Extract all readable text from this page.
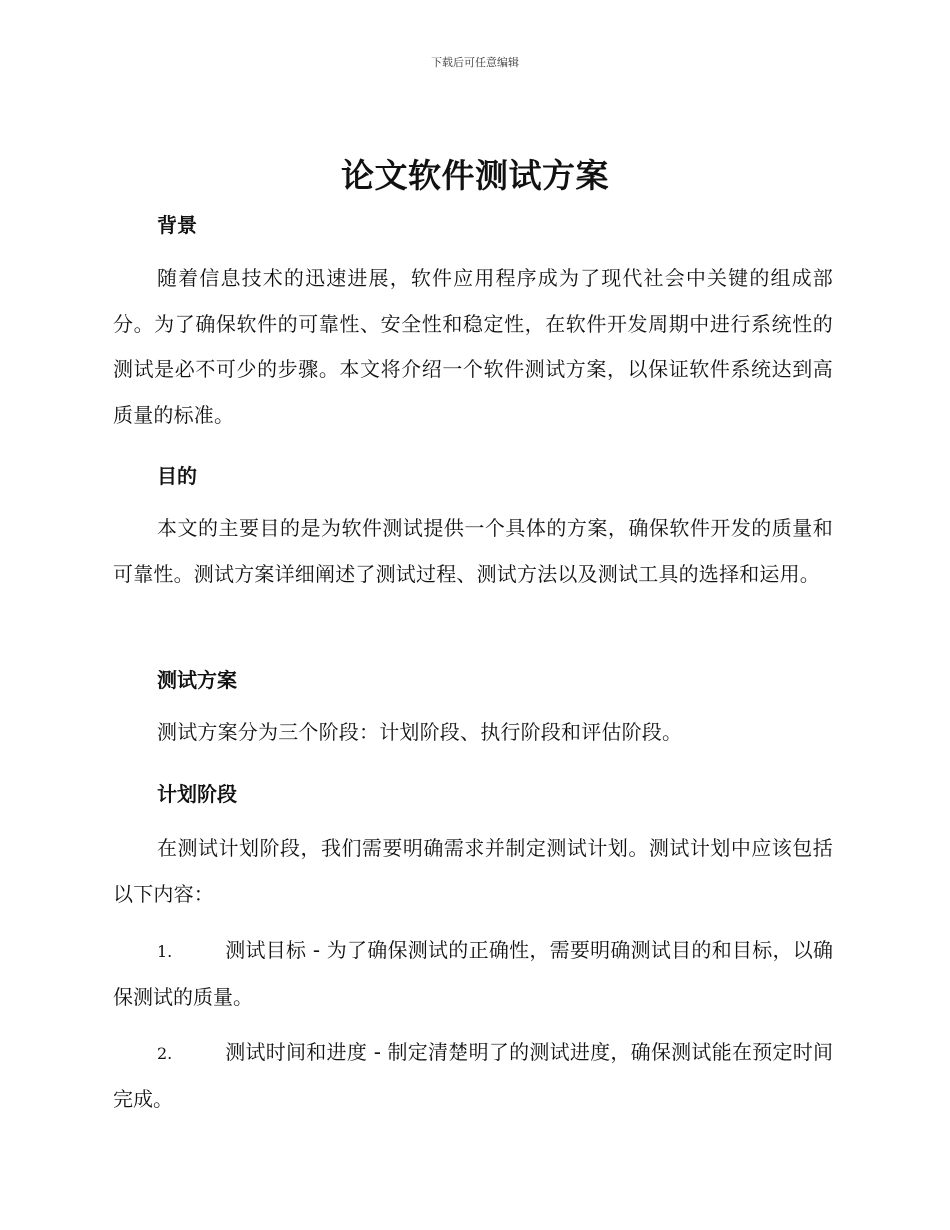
下载后可任意编辑
论文软件测试方案
背景

随着信息技术的迅速进展，软件应用程序成为了现代社会中关键的组成部分。为了确保软件的可靠性、安全性和稳定性，在软件开发周期中进行系统性的测试是必不可少的步骤。本文将介绍一个软件测试方案，以保证软件系统达到高质量的标准。

目的

本文的主要目的是为软件测试提供一个具体的方案，确保软件开发的质量和可靠性。测试方案详细阐述了测试过程、测试方法以及测试工具的选择和运用。

测试方案

测试方案分为三个阶段：计划阶段、执行阶段和评估阶段。

计划阶段

在测试计划阶段，我们需要明确需求并制定测试计划。测试计划中应该包括以下内容：

1.	测试目标 - 为了确保测试的正确性，需要明确测试目的和目标，以确保测试的质量。

2.	测试时间和进度 - 制定清楚明了的测试进度，确保测试能在预定时间完成。
